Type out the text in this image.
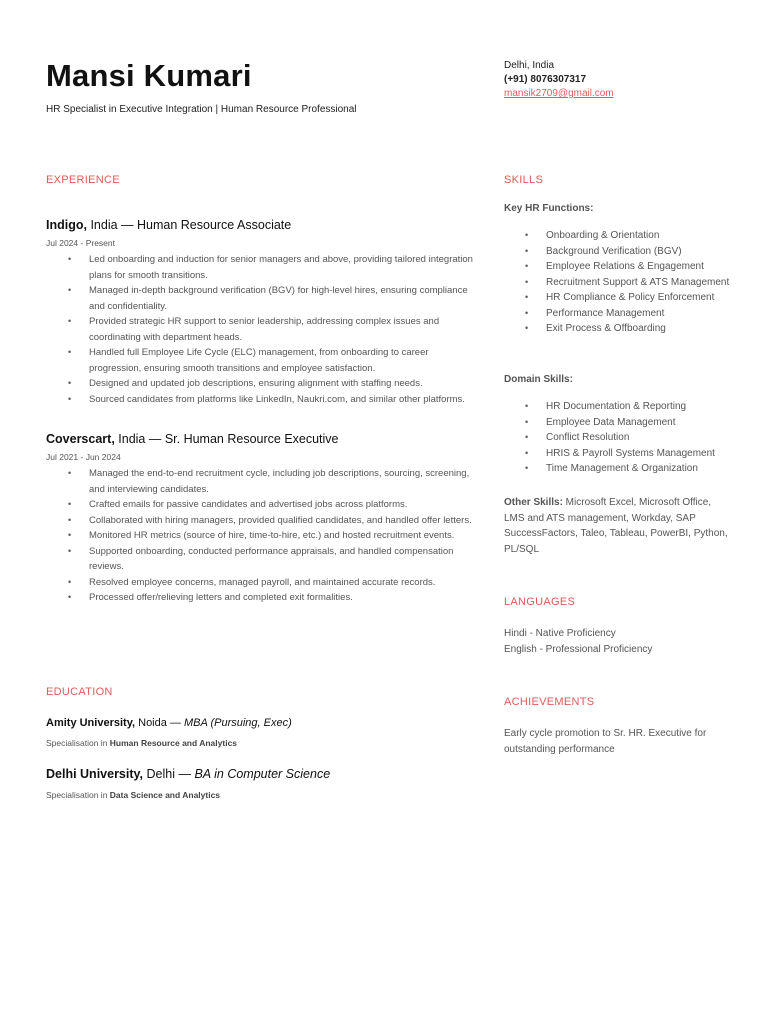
Mansi Kumari
HR Specialist in Executive Integration | Human Resource Professional
Delhi, India
(+91) 8076307317
mansik2709@gmail.com
EXPERIENCE
Indigo, India — Human Resource Associate
Jul 2024 - Present
• Led onboarding and induction for senior managers and above, providing tailored integration plans for smooth transitions.
• Managed in-depth background verification (BGV) for high-level hires, ensuring compliance and confidentiality.
• Provided strategic HR support to senior leadership, addressing complex issues and coordinating with department heads.
• Handled full Employee Life Cycle (ELC) management, from onboarding to career progression, ensuring smooth transitions and employee satisfaction.
• Designed and updated job descriptions, ensuring alignment with staffing needs.
• Sourced candidates from platforms like LinkedIn, Naukri.com, and similar other platforms.
Coverscart, India — Sr. Human Resource Executive
Jul 2021 - Jun 2024
• Managed the end-to-end recruitment cycle, including job descriptions, sourcing, screening, and interviewing candidates.
• Crafted emails for passive candidates and advertised jobs across platforms.
• Collaborated with hiring managers, provided qualified candidates, and handled offer letters.
• Monitored HR metrics (source of hire, time-to-hire, etc.) and hosted recruitment events.
• Supported onboarding, conducted performance appraisals, and handled compensation reviews.
• Resolved employee concerns, managed payroll, and maintained accurate records.
• Processed offer/relieving letters and completed exit formalities.
EDUCATION
Amity University, Noida — MBA (Pursuing, Exec)
Specialisation in Human Resource and Analytics
Delhi University, Delhi — BA in Computer Science
Specialisation in Data Science and Analytics
SKILLS
Key HR Functions:
• Onboarding & Orientation
• Background Verification (BGV)
• Employee Relations & Engagement
• Recruitment Support & ATS Management
• HR Compliance & Policy Enforcement
• Performance Management
• Exit Process & Offboarding
Domain Skills:
• HR Documentation & Reporting
• Employee Data Management
• Conflict Resolution
• HRIS & Payroll Systems Management
• Time Management & Organization
Other Skills: Microsoft Excel, Microsoft Office, LMS and ATS management, Workday, SAP SuccessFactors, Taleo, Tableau, PowerBI, Python, PL/SQL
LANGUAGES
Hindi - Native Proficiency
English - Professional Proficiency
ACHIEVEMENTS
Early cycle promotion to Sr. HR. Executive for outstanding performance
